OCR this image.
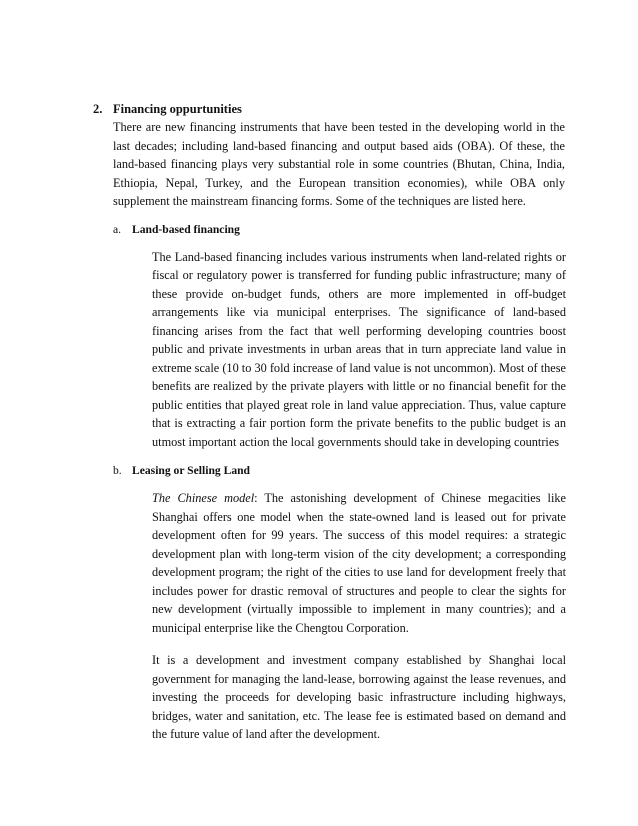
2. Financing oppurtunities

There are new financing instruments that have been tested in the developing world in the last decades; including land-based financing and output based aids (OBA). Of these, the land-based financing plays very substantial role in some countries (Bhutan, China, India, Ethiopia, Nepal, Turkey, and the European transition economies), while OBA only supplement the mainstream financing forms. Some of the techniques are listed here.

a. Land-based financing

The Land-based financing includes various instruments when land-related rights or fiscal or regulatory power is transferred for funding public infrastructure; many of these provide on-budget funds, others are more implemented in off-budget arrangements like via municipal enterprises. The significance of land-based financing arises from the fact that well performing developing countries boost public and private investments in urban areas that in turn appreciate land value in extreme scale (10 to 30 fold increase of land value is not uncommon). Most of these benefits are realized by the private players with little or no financial benefit for the public entities that played great role in land value appreciation. Thus, value capture that is extracting a fair portion form the private benefits to the public budget is an utmost important action the local governments should take in developing countries

b. Leasing or Selling Land

The Chinese model: The astonishing development of Chinese megacities like Shanghai offers one model when the state-owned land is leased out for private development often for 99 years. The success of this model requires: a strategic development plan with long-term vision of the city development; a corresponding development program; the right of the cities to use land for development freely that includes power for drastic removal of structures and people to clear the sights for new development (virtually impossible to implement in many countries); and a municipal enterprise like the Chengtou Corporation.

It is a development and investment company established by Shanghai local government for managing the land-lease, borrowing against the lease revenues, and investing the proceeds for developing basic infrastructure including highways, bridges, water and sanitation, etc. The lease fee is estimated based on demand and the future value of land after the development.
